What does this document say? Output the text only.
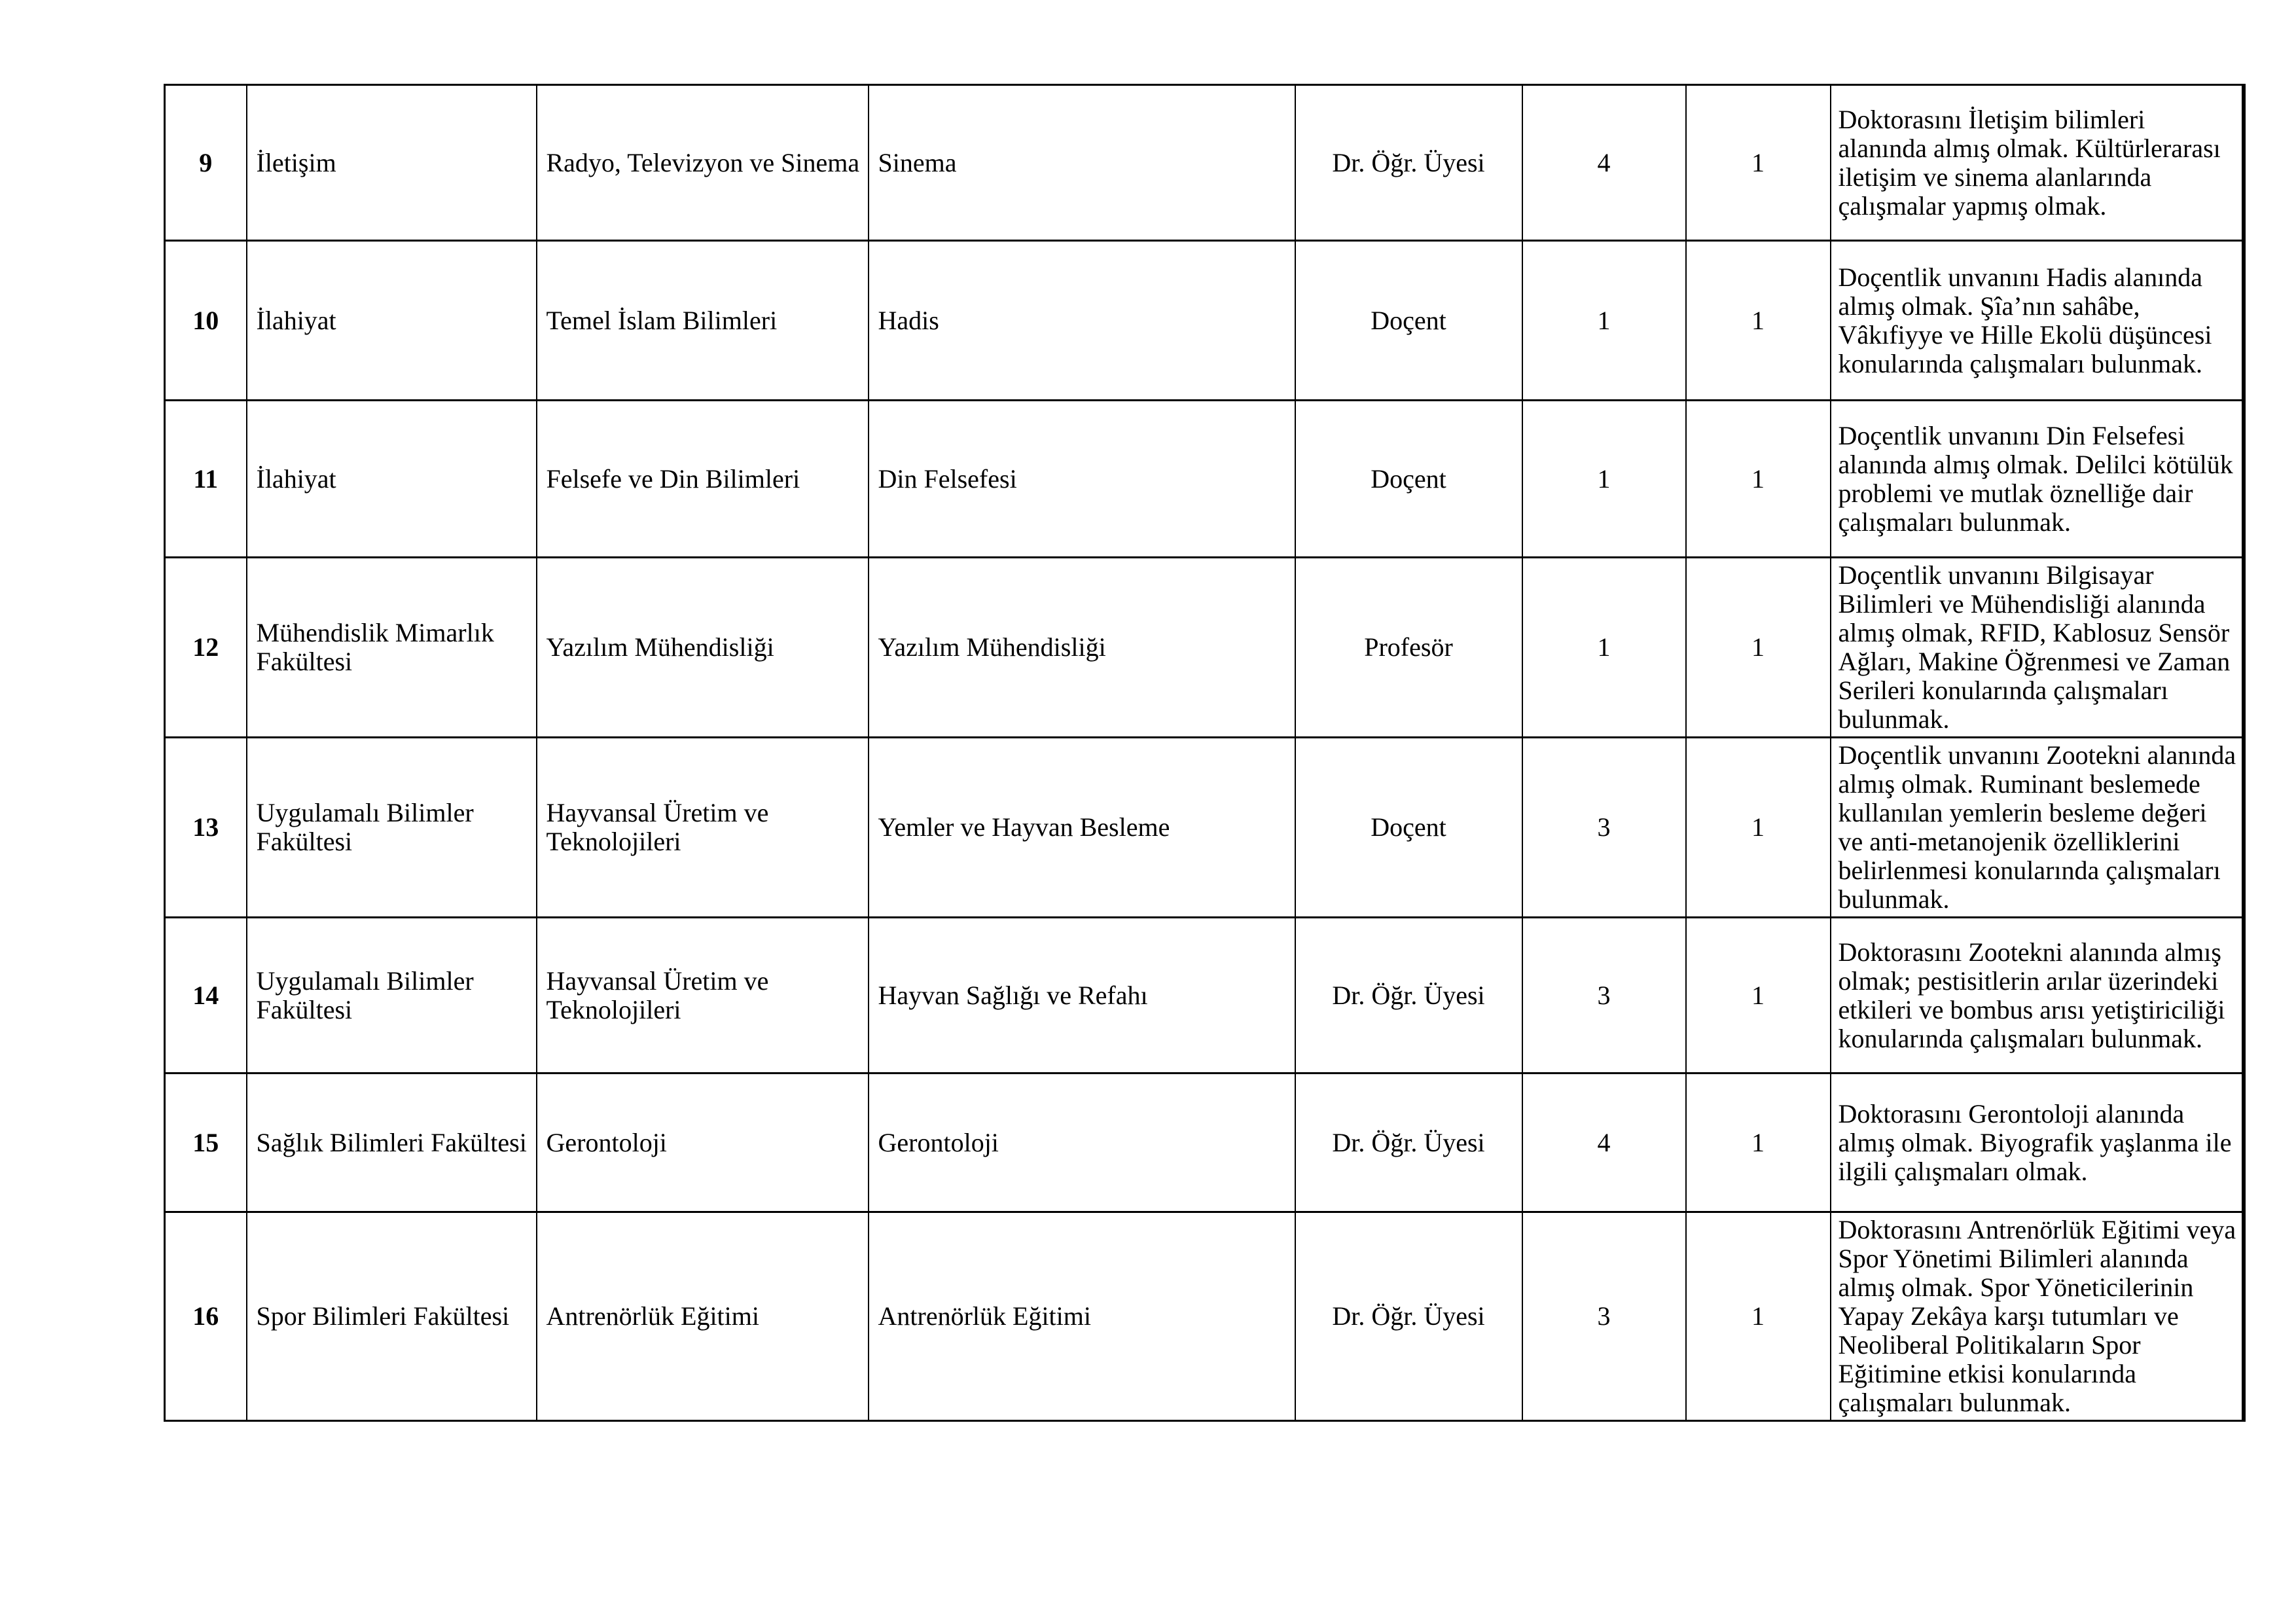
9	İletişim	Radyo, Televizyon ve Sinema	Sinema	Dr. Öğr. Üyesi	4	1	Doktorasını İletişim bilimleri alanında almış olmak. Kültürlerarası iletişim ve sinema alanlarında çalışmalar yapmış olmak.
10	İlahiyat	Temel İslam Bilimleri	Hadis	Doçent	1	1	Doçentlik unvanını Hadis alanında almış olmak. Şîa’nın sahâbe, Vâkıfiyye ve Hille Ekolü düşüncesi konularında çalışmaları bulunmak.
11	İlahiyat	Felsefe ve Din Bilimleri	Din Felsefesi	Doçent	1	1	Doçentlik unvanını Din Felsefesi alanında almış olmak. Delilci kötülük problemi ve mutlak öznelliğe dair çalışmaları bulunmak.
12	Mühendislik Mimarlık Fakültesi	Yazılım Mühendisliği	Yazılım Mühendisliği	Profesör	1	1	Doçentlik unvanını Bilgisayar Bilimleri ve Mühendisliği alanında almış olmak, RFID, Kablosuz Sensör Ağları, Makine Öğrenmesi ve Zaman Serileri konularında çalışmaları bulunmak.
13	Uygulamalı Bilimler Fakültesi	Hayvansal Üretim ve Teknolojileri	Yemler ve Hayvan Besleme	Doçent	3	1	Doçentlik unvanını Zootekni alanında almış olmak. Ruminant beslemede kullanılan yemlerin besleme değeri ve anti-metanojenik özelliklerini belirlenmesi konularında çalışmaları bulunmak.
14	Uygulamalı Bilimler Fakültesi	Hayvansal Üretim ve Teknolojileri	Hayvan Sağlığı ve Refahı	Dr. Öğr. Üyesi	3	1	Doktorasını Zootekni alanında almış olmak; pestisitlerin arılar üzerindeki etkileri ve bombus arısı yetiştiriciliği konularında çalışmaları bulunmak.
15	Sağlık Bilimleri Fakültesi	Gerontoloji	Gerontoloji	Dr. Öğr. Üyesi	4	1	Doktorasını Gerontoloji alanında almış olmak. Biyografik yaşlanma ile ilgili çalışmaları olmak.
16	Spor Bilimleri Fakültesi	Antrenörlük Eğitimi	Antrenörlük Eğitimi	Dr. Öğr. Üyesi	3	1	Doktorasını Antrenörlük Eğitimi veya Spor Yönetimi Bilimleri alanında almış olmak. Spor Yöneticilerinin Yapay Zekâya karşı tutumları ve Neoliberal Politikaların Spor Eğitimine etkisi konularında çalışmaları bulunmak.
